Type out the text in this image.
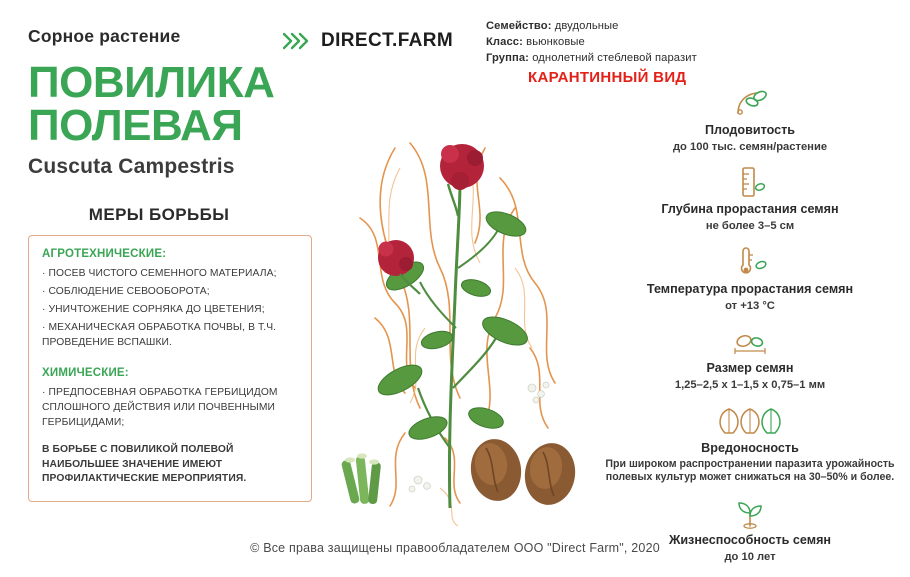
Сорное растение
ПОВИЛИКА
ПОЛЕВАЯ
Cuscuta Campestris
МЕРЫ БОРЬБЫ
АГРОТЕХНИЧЕСКИЕ:
· ПОСЕВ ЧИСТОГО СЕМЕННОГО МАТЕРИАЛА;
· СОБЛЮДЕНИЕ СЕВООБОРОТА;
· УНИЧТОЖЕНИЕ СОРНЯКА ДО ЦВЕТЕНИЯ;
· МЕХАНИЧЕСКАЯ ОБРАБОТКА ПОЧВЫ, В Т.Ч. ПРОВЕДЕНИЕ ВСПАШКИ.
ХИМИЧЕСКИЕ:
· ПРЕДПОСЕВНАЯ ОБРАБОТКА ГЕРБИЦИДОМ СПЛОШНОГО ДЕЙСТВИЯ ИЛИ ПОЧВЕННЫМИ ГЕРБИЦИДАМИ;
В БОРЬБЕ С ПОВИЛИКОЙ ПОЛЕВОЙ НАИБОЛЬШЕЕ ЗНАЧЕНИЕ ИМЕЮТ ПРОФИЛАКТИЧЕСКИЕ МЕРОПРИЯТИЯ.
DIRECT.FARM
Семейство: двудольные
Класс: вьюнковые
Группа: однолетний стеблевой паразит
КАРАНТИННЫЙ ВИД
Плодовитость
до 100 тыс. семян/растение
Глубина прорастания семян
не более 3–5 см
Температура прорастания семян
от +13 °С
Размер семян
1,25–2,5 х 1–1,5 х 0,75–1 мм
Вредоносность
При широком распространении паразита урожайность полевых культур может снижаться на 30–50% и более.
Жизнеспособность семян
до 10 лет
© Все права защищены правообладателем ООО "Direct Farm", 2020
